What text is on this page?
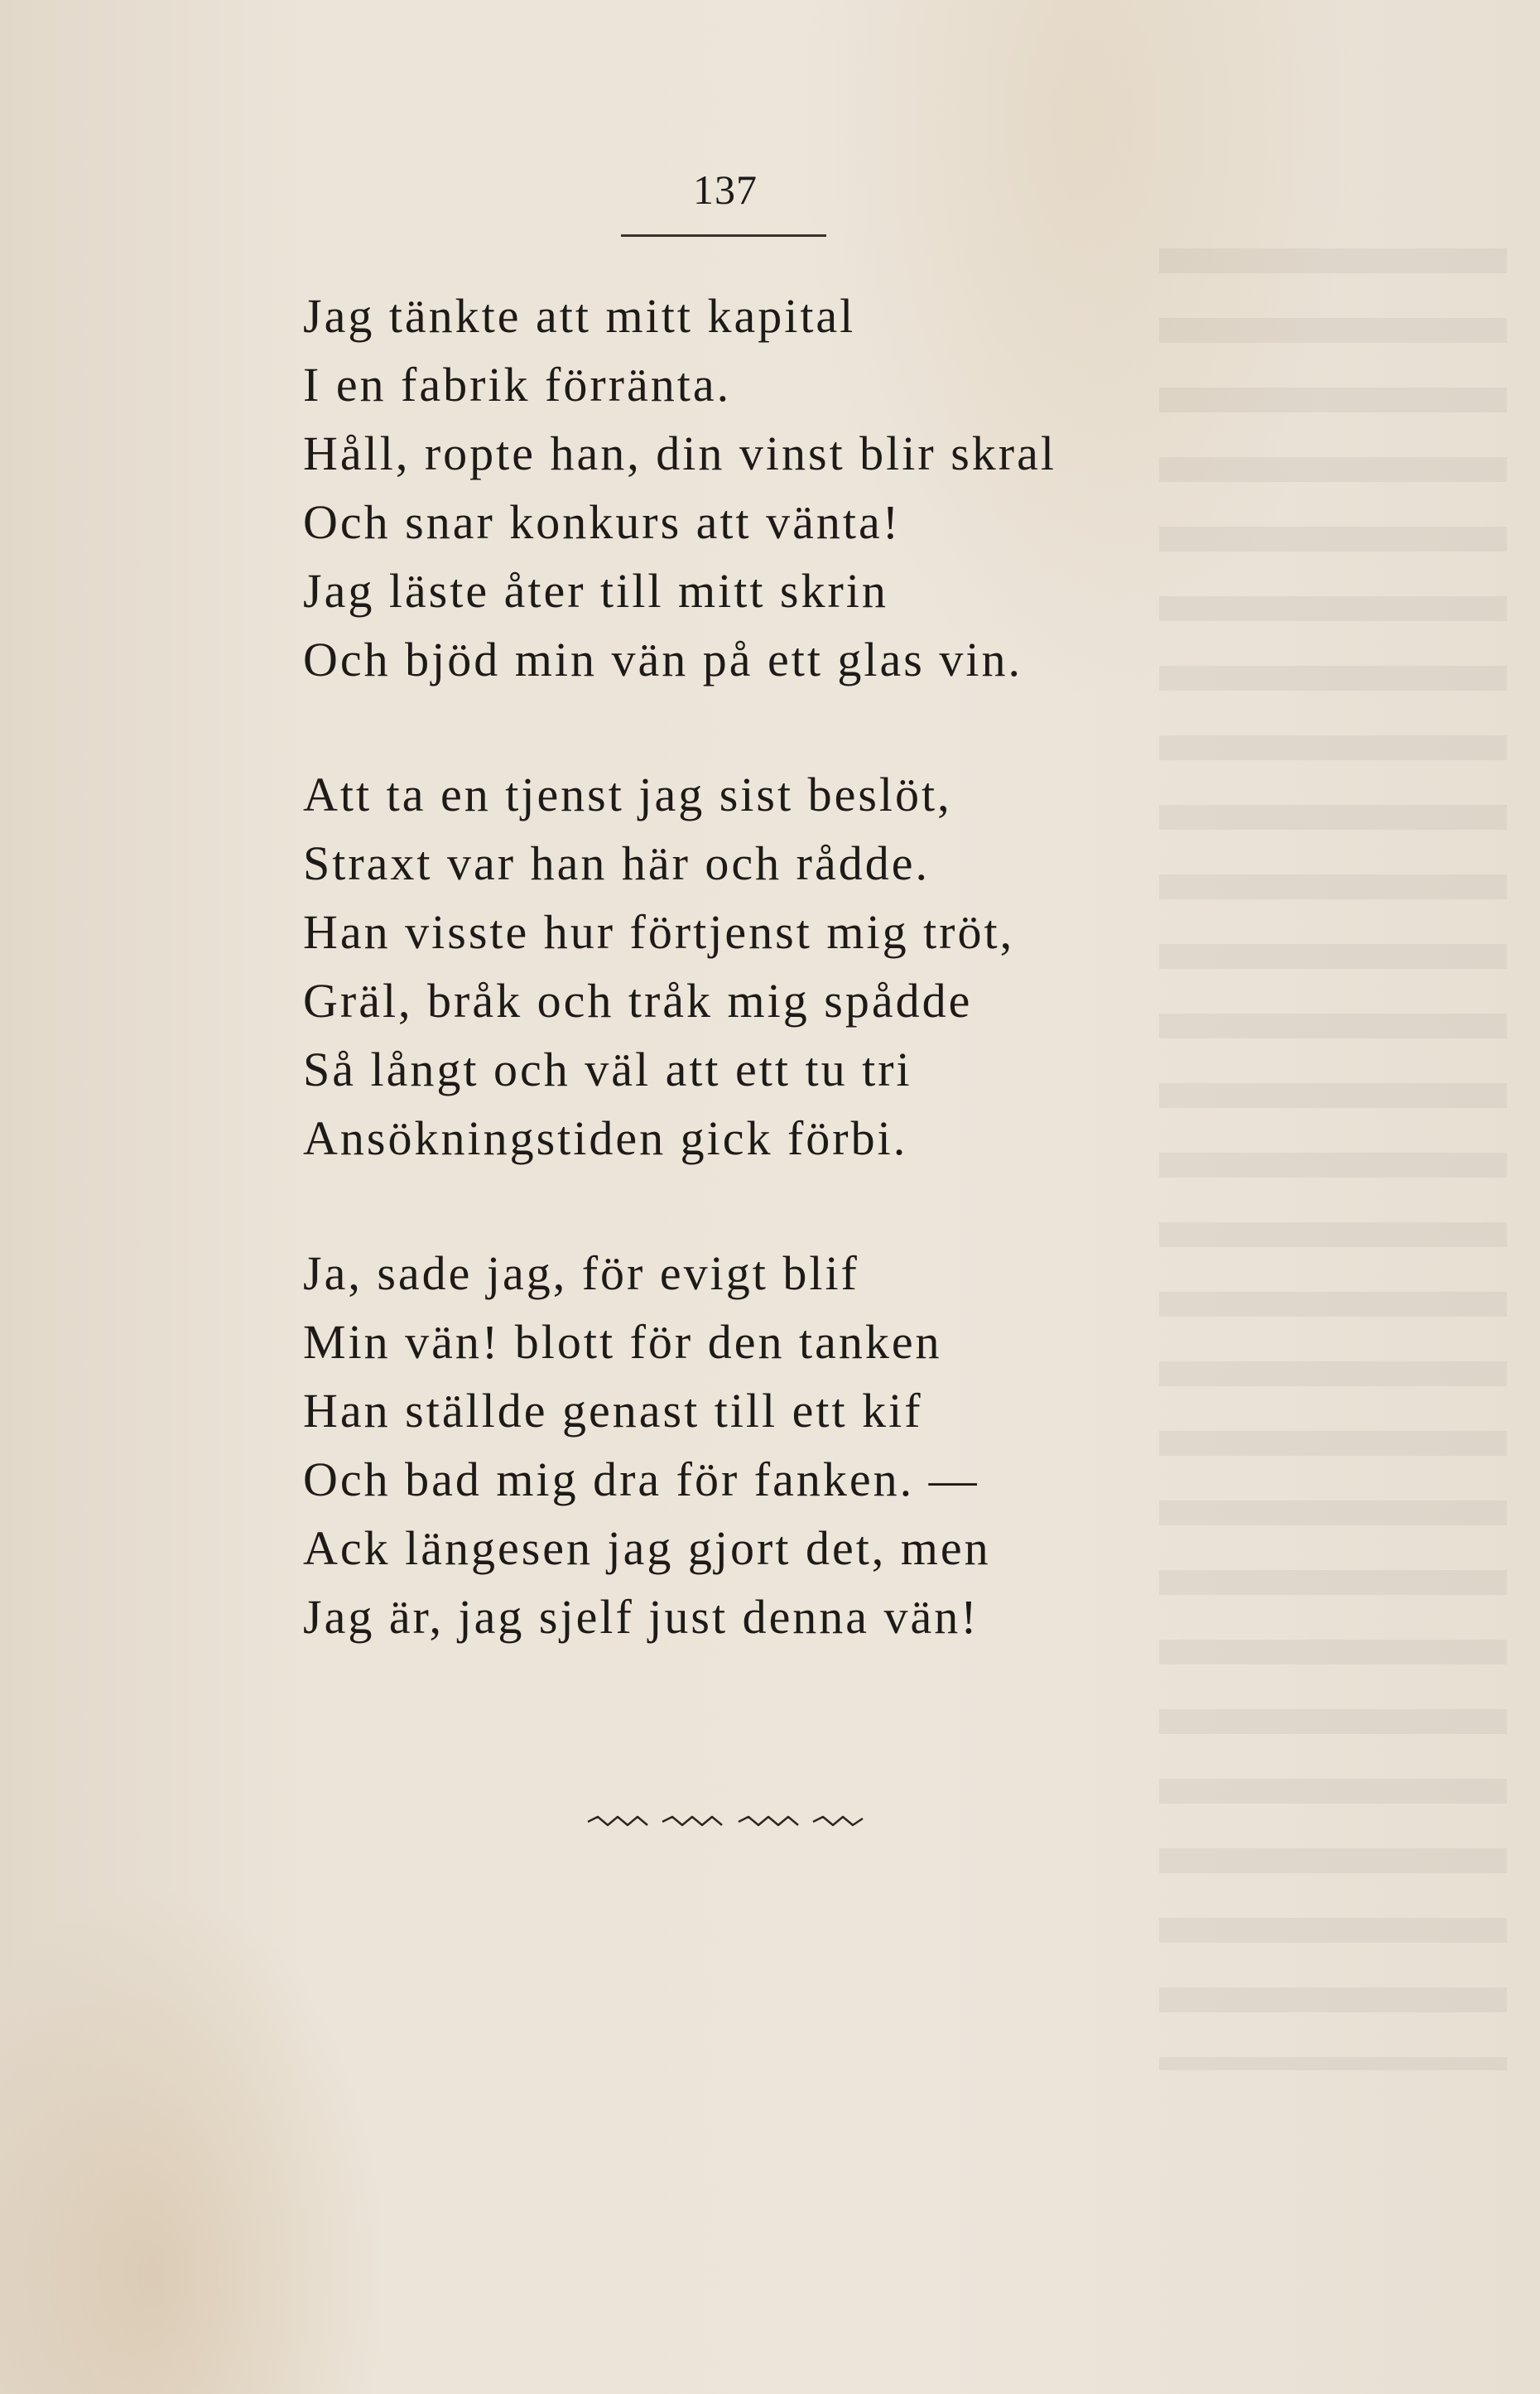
137
Jag tänkte att mitt kapital
I en fabrik förränta.
Håll, ropte han, din vinst blir skral
Och snar konkurs att vänta!
Jag läste åter till mitt skrin
Och bjöd min vän på ett glas vin.
Att ta en tjenst jag sist beslöt,
Straxt var han här och rådde.
Han visste hur förtjenst mig tröt,
Gräl, bråk och tråk mig spådde
Så långt och väl att ett tu tri
Ansökningstiden gick förbi.
Ja, sade jag, för evigt blif
Min vän! blott för den tanken
Han ställde genast till ett kif
Och bad mig dra för fanken. —
Ack längesen jag gjort det, men
Jag är, jag sjelf just denna vän!
